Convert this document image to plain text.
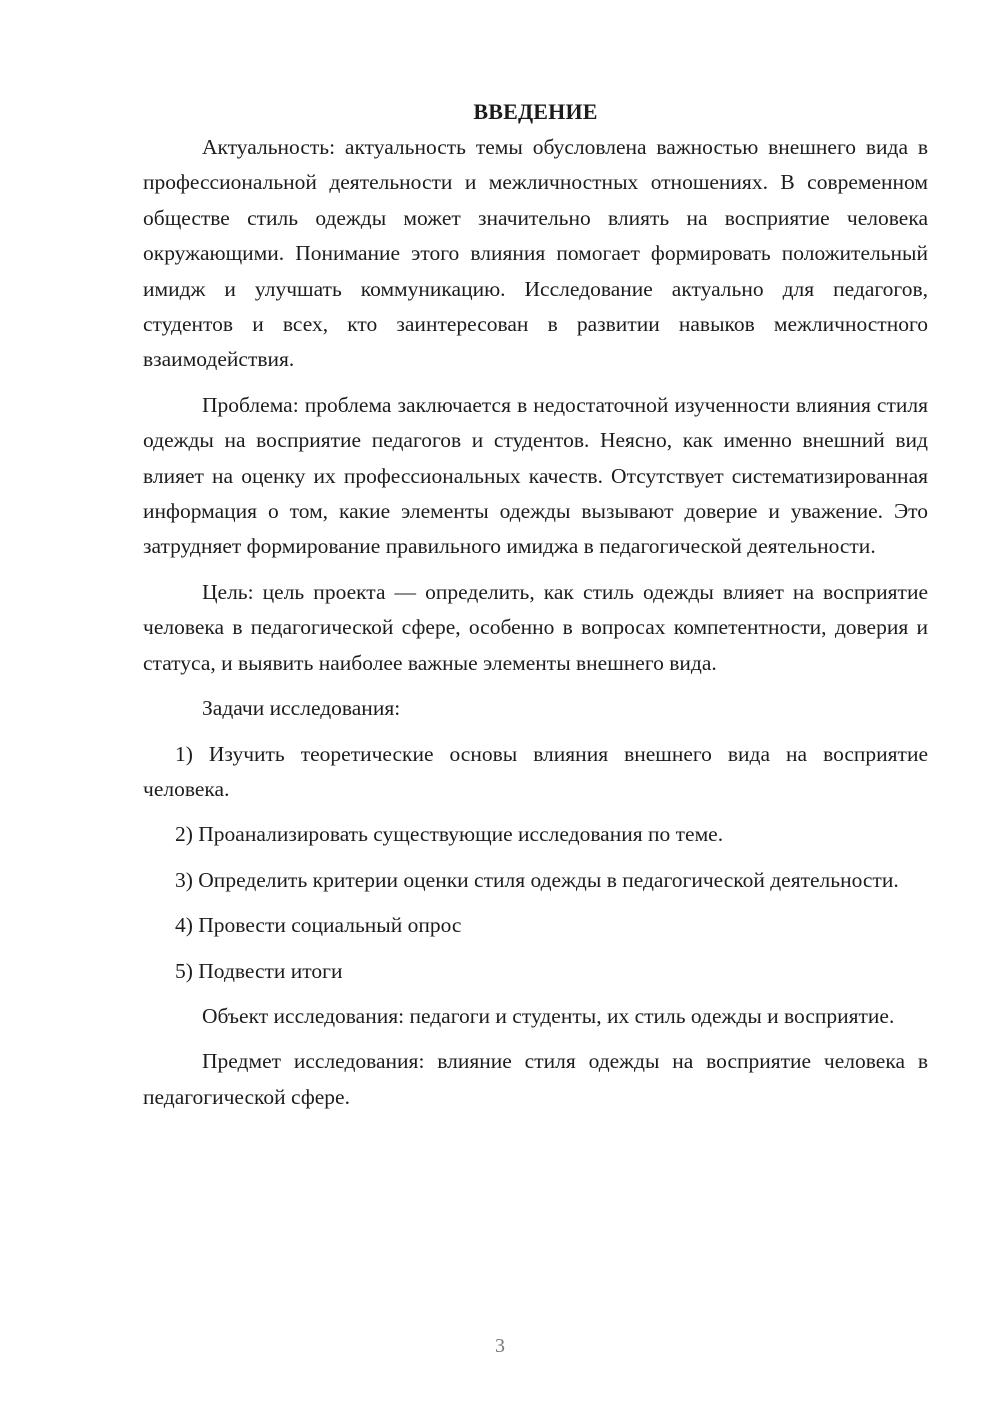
ВВЕДЕНИЕ

Актуальность: актуальность темы обусловлена важностью внешнего вида в профессиональной деятельности и межличностных отношениях. В современном обществе стиль одежды может значительно влиять на восприятие человека окружающими. Понимание этого влияния помогает формировать положительный имидж и улучшать коммуникацию. Исследование актуально для педагогов, студентов и всех, кто заинтересован в развитии навыков межличностного взаимодействия.

Проблема: проблема заключается в недостаточной изученности влияния стиля одежды на восприятие педагогов и студентов. Неясно, как именно внешний вид влияет на оценку их профессиональных качеств. Отсутствует систематизированная информация о том, какие элементы одежды вызывают доверие и уважение. Это затрудняет формирование правильного имиджа в педагогической деятельности.

Цель: цель проекта — определить, как стиль одежды влияет на восприятие человека в педагогической сфере, особенно в вопросах компетентности, доверия и статуса, и выявить наиболее важные элементы внешнего вида.

Задачи исследования:

1) Изучить теоретические основы влияния внешнего вида на восприятие человека.

2) Проанализировать существующие исследования по теме.

3) Определить критерии оценки стиля одежды в педагогической деятельности.

4) Провести социальный опрос

5) Подвести итоги

Объект исследования: педагоги и студенты, их стиль одежды и восприятие.

Предмет исследования: влияние стиля одежды на восприятие человека в педагогической сфере.

3
